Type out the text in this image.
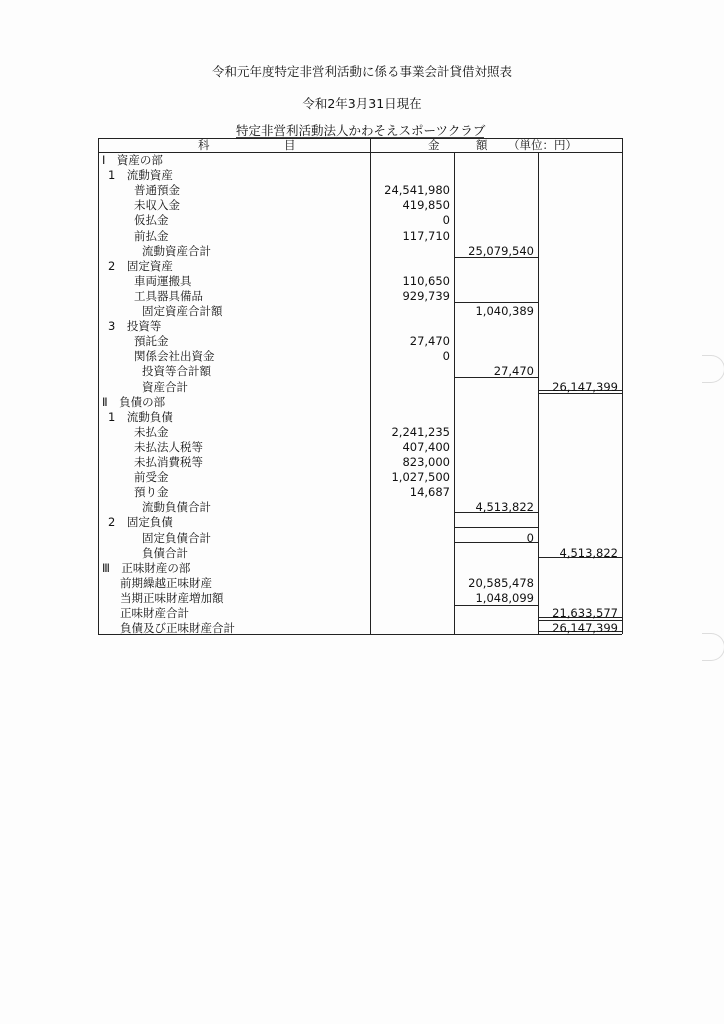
令和元年度特定非営利活動に係る事業会計貸借対照表
令和2年3月31日現在
特定非営利活動法人かわそえスポーツクラブ
科	目	金	額 （単位：円）
Ⅰ　資産の部
1　流動資産
普通預金	24,541,980
未収入金	419,850
仮払金	0
前払金	117,710
流動資産合計	25,079,540
2　固定資産
車両運搬具	110,650
工具器具備品	929,739
固定資産合計額	1,040,389
3　投資等
預託金	27,470
関係会社出資金	0
投資等合計額	27,470
資産合計	26,147,399
Ⅱ　負債の部
1　流動負債
未払金	2,241,235
未払法人税等	407,400
未払消費税等	823,000
前受金	1,027,500
預り金	14,687
流動負債合計	4,513,822
2　固定負債
固定負債合計	0
負債合計	4,513,822
Ⅲ　正味財産の部
前期繰越正味財産	20,585,478
当期正味財産増加額	1,048,099
正味財産合計	21,633,577
負債及び正味財産合計	26,147,399
